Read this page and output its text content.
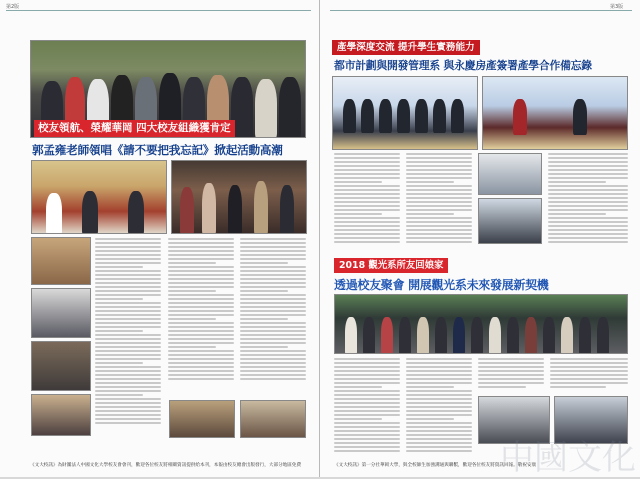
第2版
校友領航、榮耀華岡 四大校友組織獲肯定
郭孟雍老師領唱《請不要把我忘記》掀起活動高潮
《文大校訊》為財團法人中國文化大學校友會會刊，歡迎各位校友將相關資訊提供給本刊，本報由校友總會出版發行，大部分地區免費
第3版
產學深度交流 提升學生實務能力
都市計劃與開發管理系 與永慶房產簽署產學合作備忘錄
2018 觀光系所友回娘家
透過校友聚會 開展觀光系未來發展新契機
《文大校訊》第一分社華岡大學，與全校師生加強溝通與聯繫，歡迎各位校友將資訊回報。敬祝安康
中國文化
